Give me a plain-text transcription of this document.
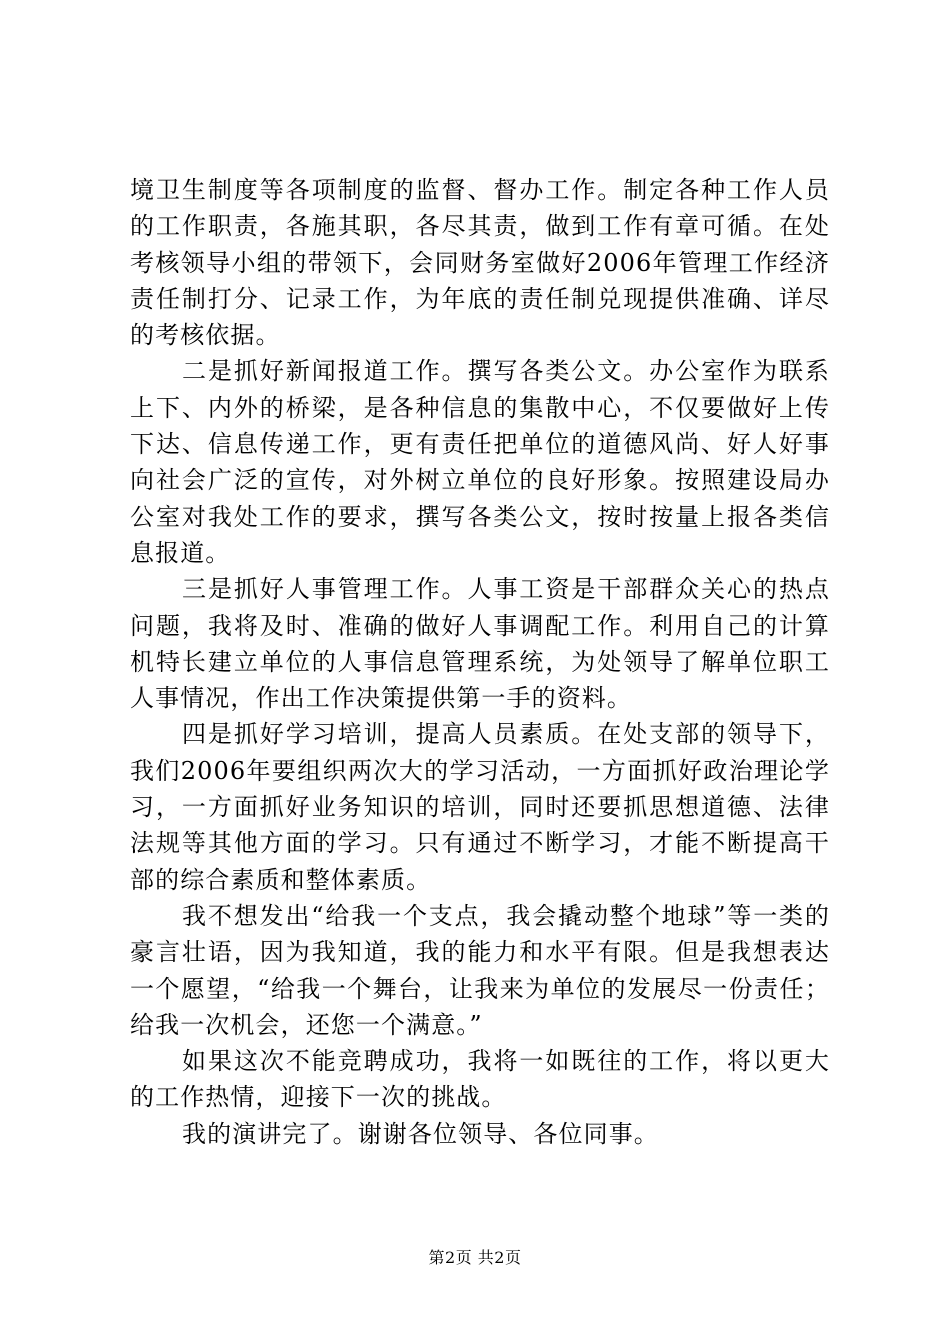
境卫生制度等各项制度的监督、督办工作。制定各种工作人员的工作职责，各施其职，各尽其责，做到工作有章可循。在处考核领导小组的带领下，会同财务室做好2006年管理工作经济责任制打分、记录工作，为年底的责任制兑现提供准确、详尽的考核依据。

二是抓好新闻报道工作。撰写各类公文。办公室作为联系上下、内外的桥梁，是各种信息的集散中心，不仅要做好上传下达、信息传递工作，更有责任把单位的道德风尚、好人好事向社会广泛的宣传，对外树立单位的良好形象。按照建设局办公室对我处工作的要求，撰写各类公文，按时按量上报各类信息报道。

三是抓好人事管理工作。人事工资是干部群众关心的热点问题，我将及时、准确的做好人事调配工作。利用自己的计算机特长建立单位的人事信息管理系统，为处领导了解单位职工人事情况，作出工作决策提供第一手的资料。

四是抓好学习培训，提高人员素质。在处支部的领导下，我们2006年要组织两次大的学习活动，一方面抓好政治理论学习，一方面抓好业务知识的培训，同时还要抓思想道德、法律法规等其他方面的学习。只有通过不断学习，才能不断提高干部的综合素质和整体素质。

我不想发出“给我一个支点，我会撬动整个地球”等一类的豪言壮语，因为我知道，我的能力和水平有限。但是我想表达一个愿望，“给我一个舞台，让我来为单位的发展尽一份责任；给我一次机会，还您一个满意。”

如果这次不能竞聘成功，我将一如既往的工作，将以更大的工作热情，迎接下一次的挑战。

我的演讲完了。谢谢各位领导、各位同事。

第2页 共2页
